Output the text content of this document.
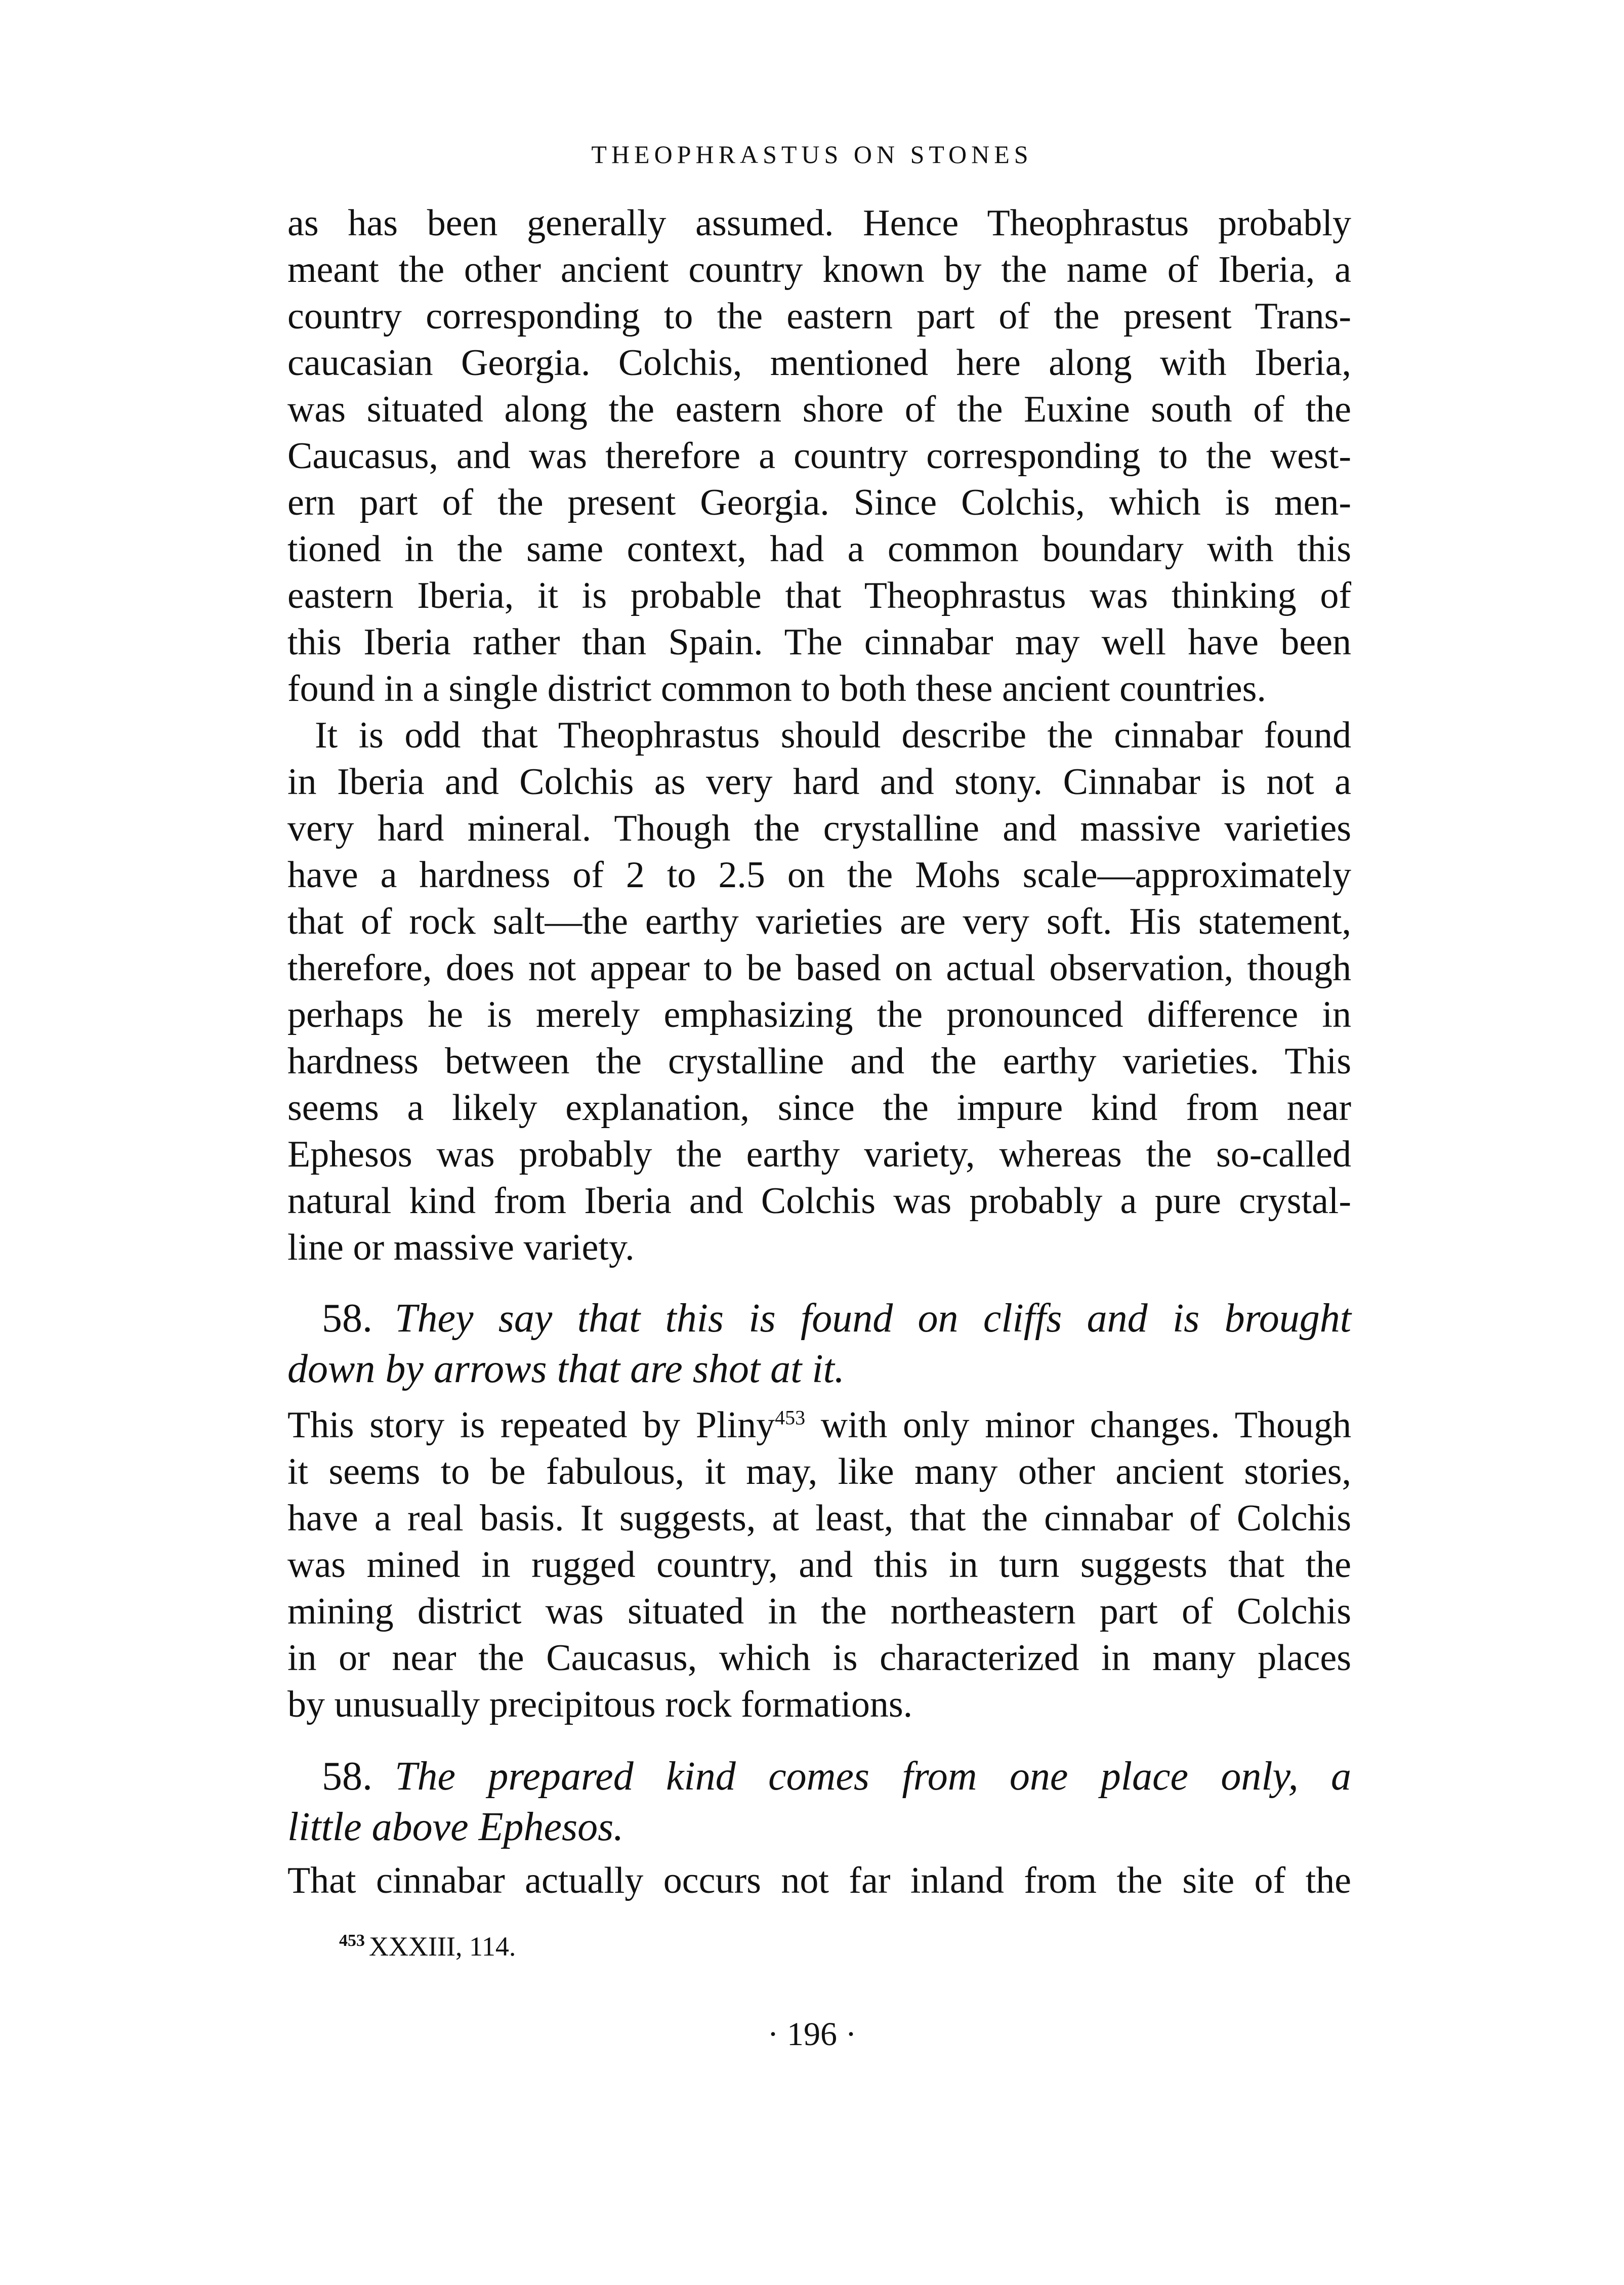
THEOPHRASTUS ON STONES
as has been generally assumed. Hence Theophrastus probably
meant the other ancient country known by the name of Iberia, a
country corresponding to the eastern part of the present Trans-
caucasian Georgia. Colchis, mentioned here along with Iberia,
was situated along the eastern shore of the Euxine south of the
Caucasus, and was therefore a country corresponding to the west-
ern part of the present Georgia. Since Colchis, which is men-
tioned in the same context, had a common boundary with this
eastern Iberia, it is probable that Theophrastus was thinking of
this Iberia rather than Spain. The cinnabar may well have been
found in a single district common to both these ancient countries.
It is odd that Theophrastus should describe the cinnabar found
in Iberia and Colchis as very hard and stony. Cinnabar is not a
very hard mineral. Though the crystalline and massive varieties
have a hardness of 2 to 2.5 on the Mohs scale—approximately
that of rock salt—the earthy varieties are very soft. His statement,
therefore, does not appear to be based on actual observation, though
perhaps he is merely emphasizing the pronounced difference in
hardness between the crystalline and the earthy varieties. This
seems a likely explanation, since the impure kind from near
Ephesos was probably the earthy variety, whereas the so-called
natural kind from Iberia and Colchis was probably a pure crystal-
line or massive variety.
58. They say that this is found on cliffs and is brought
down by arrows that are shot at it.
This story is repeated by Pliny$^{453}$ with only minor changes. Though
it seems to be fabulous, it may, like many other ancient stories,
have a real basis. It suggests, at least, that the cinnabar of Colchis
was mined in rugged country, and this in turn suggests that the
mining district was situated in the northeastern part of Colchis
in or near the Caucasus, which is characterized in many places
by unusually precipitous rock formations.
58. The prepared kind comes from one place only, a
little above Ephesos.
That cinnabar actually occurs not far inland from the site of the
$^{453}$ XXXIII, 114.
· 196 ·
